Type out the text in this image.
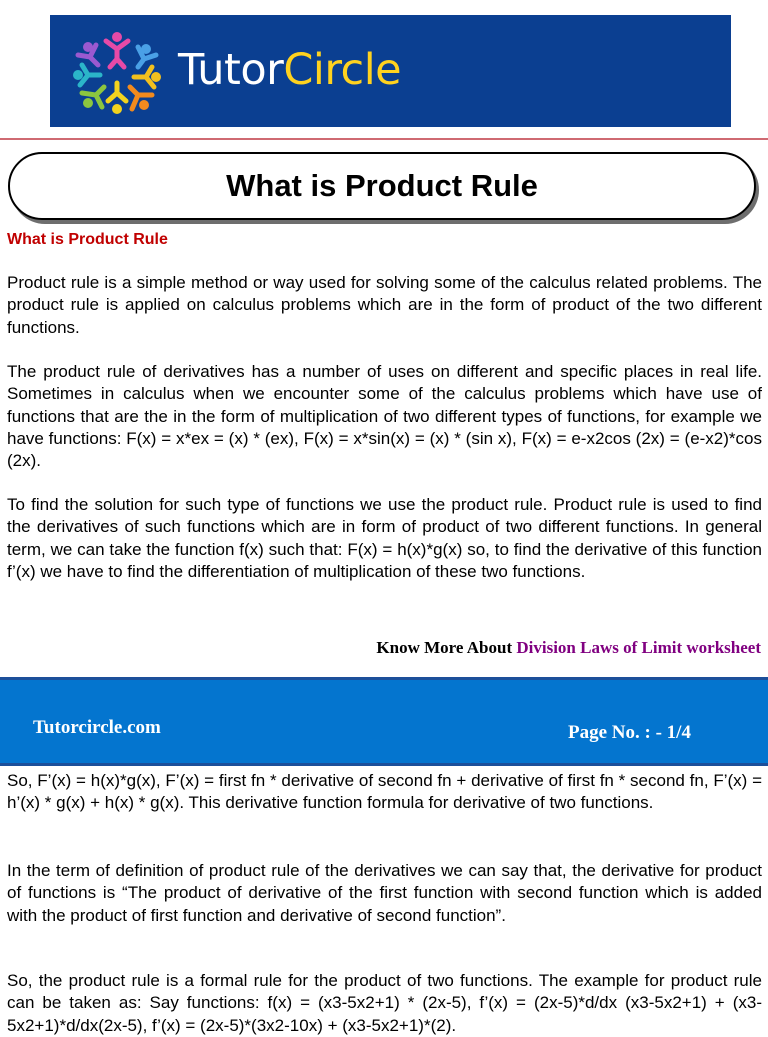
TutorCircle
What is Product Rule
What is Product Rule

Product rule is a simple method or way used for solving some of the calculus related problems. The product rule is applied on calculus problems which are in the form of product of the two different functions.

The product rule of derivatives has a number of uses on different and specific places in real life. Sometimes in calculus when we encounter some of the calculus problems which have use of functions that are the in the form of multiplication of two different types of functions, for example we have functions: F(x) = x*ex = (x) * (ex), F(x) = x*sin(x) = (x) * (sin x), F(x) = e-x2cos (2x) = (e-x2)*cos (2x).

To find the solution for such type of functions we use the product rule. Product rule is used to find the derivatives of such functions which are in form of product of two different functions. In general term, we can take the function f(x) such that: F(x) = h(x)*g(x) so, to find the derivative of this function f’(x) we have to find the differentiation of multiplication of these two functions.

Know More About Division Laws of Limit worksheet
Tutorcircle.com	Page No. : - 1/4

So, F’(x) = h(x)*g(x), F’(x) = first fn * derivative of second fn + derivative of first fn * second fn, F’(x) = h’(x) * g(x) + h(x) * g(x). This derivative function formula for derivative of two functions.

In the term of definition of product rule of the derivatives we can say that, the derivative for product of functions is “The product of derivative of the first function with second function which is added with the product of first function and derivative of second function”.

So, the product rule is a formal rule for the product of two functions. The example for product rule can be taken as: Say functions: f(x) = (x3-5x2+1) * (2x-5), f’(x) = (2x-5)*d/dx (x3-5x2+1) + (x3-5x2+1)*d/dx(2x-5), f’(x) = (2x-5)*(3x2-10x) + (x3-5x2+1)*(2).
